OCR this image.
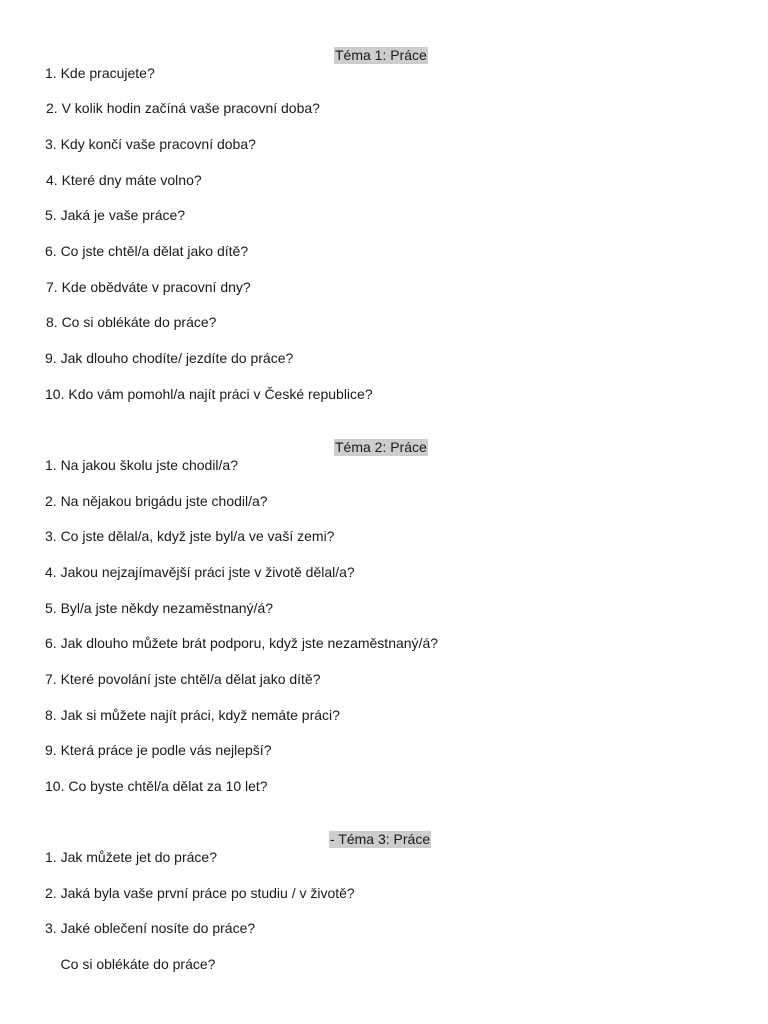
Téma 1: Práce
1. Kde pracujete?
2. V kolik hodin začíná vaše pracovní doba?
3. Kdy končí vaše pracovní doba?
4. Které dny máte volno?
5. Jaká je vaše práce?
6. Co jste chtěl/a dělat jako dítě?
7. Kde obědváte v pracovní dny?
8. Co si oblékáte do práce?
9. Jak dlouho chodíte/ jezdíte do práce?
10. Kdo vám pomohl/a najít práci v České republice?
Téma 2: Práce
1. Na jakou školu jste chodil/a?
2. Na nějakou brigádu jste chodil/a?
3. Co jste dělal/a, když jste byl/a ve vaší zemi?
4. Jakou nejzajímavější práci jste v životě dělal/a?
5. Byl/a jste někdy nezaměstnaný/á?
6. Jak dlouho můžete brát podporu, když jste nezaměstnaný/á?
7. Které povolání jste chtěl/a dělat jako dítě?
8. Jak si můžete najít práci, když nemáte práci?
9. Která práce je podle vás nejlepší?
10. Co byste chtěl/a dělat za 10 let?
- Téma 3: Práce
1. Jak můžete jet do práce?
2. Jaká byla vaše první práce po studiu / v životě?
3. Jaké oblečení nosíte do práce?
Co si oblékáte do práce?
